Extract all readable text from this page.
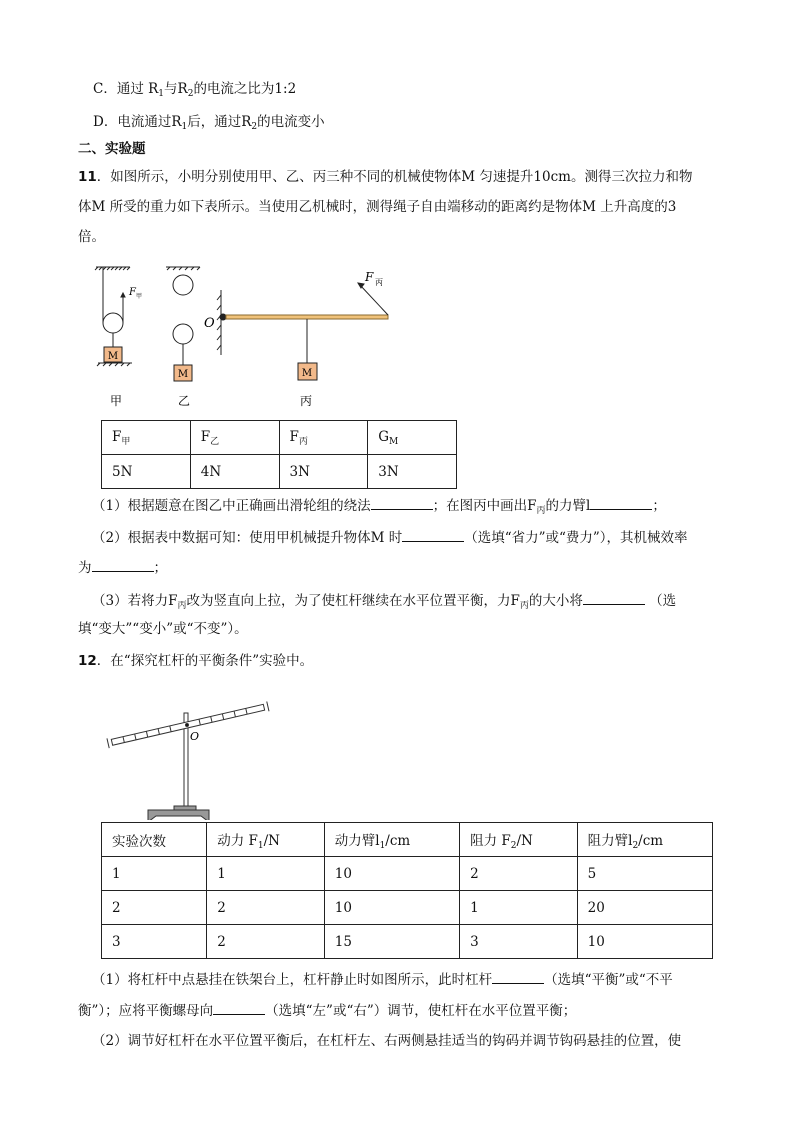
C．通过 $R_1$与$R_2$的电流之比为1:2
D．电流通过$R_1$后，通过$R_2$的电流变小
二、实验题
11．如图所示，小明分别使用甲、乙、丙三种不同的机械使物体M 匀速提升10cm。测得三次拉力和物
体M 所受的重力如下表所示。当使用乙机械时，测得绳子自由端移动的距离约是物体M 上升高度的3
倍。
（1）根据题意在图乙中正确画出滑轮组的绕法	；在图丙中画出$F_丙$的力臂l	；
（2）根据表中数据可知：使用甲机械提升物体M 时	（选填“省力”或“费力”），其机械效率
为	；
（3）若将力$F_丙$改为竖直向上拉，为了使杠杆继续在水平位置平衡，力$F_丙$的大小将	（选
填“变大”“变小”或“不变”）。
12．在“探究杠杆的平衡条件”实验中。
（1）将杠杆中点悬挂在铁架台上，杠杆静止时如图所示，此时杠杆	（选填“平衡”或“不平
衡”）；应将平衡螺母向	（选填“左”或“右”）调节，使杠杆在水平位置平衡；
（2）调节好杠杆在水平位置平衡后，在杠杆左、右两侧悬挂适当的钩码并调节钩码悬挂的位置，使
F 甲
M
M	M
O
F 丙
甲	乙	丙
$F_甲$	$F_乙$	$F_丙$	$G_M$
5N	4N	3N	3N
O
实验次数	动力 $F_1/N$	动力臂$l_1/cm$	阻力 $F_2/N$	阻力臂$l_2/cm$
1	1	10	2	5
2	2	10	1	20
3	2	15	3	10
